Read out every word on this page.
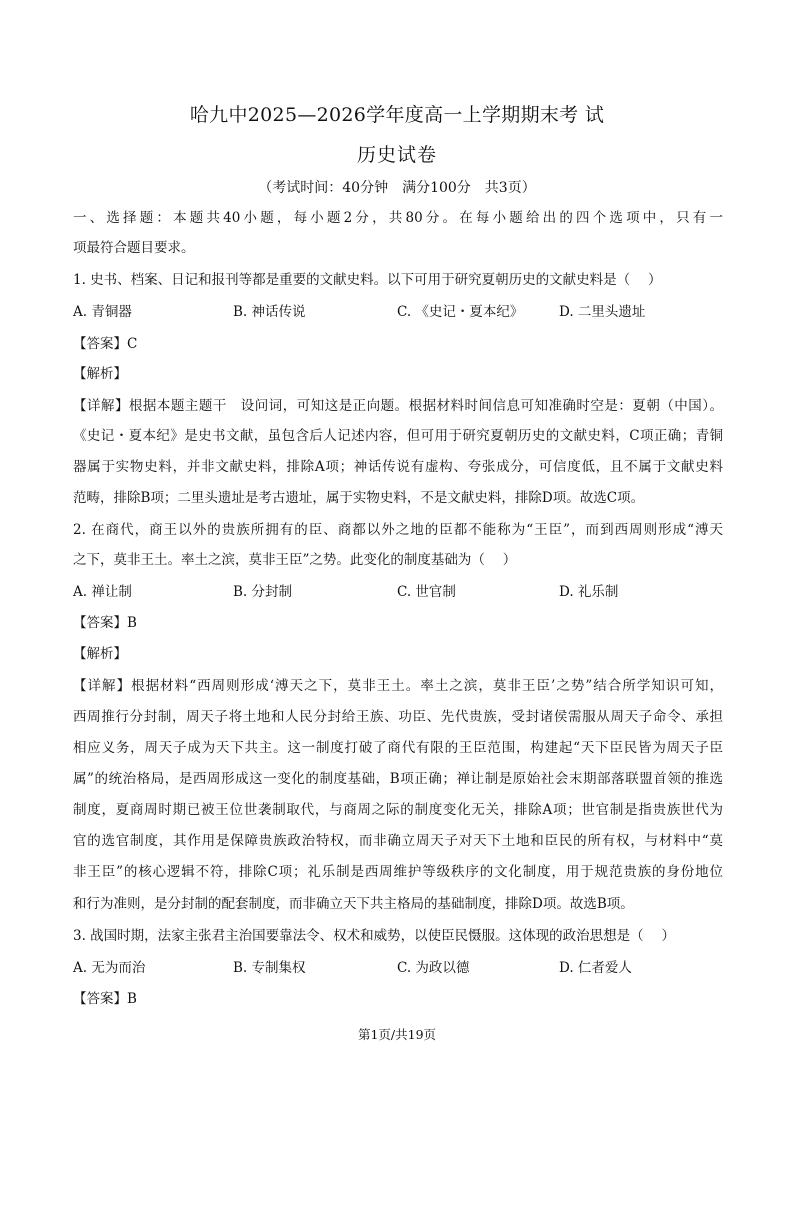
哈九中2025—2026学年度高一上学期期末考 试
历史试卷
（考试时间：40分钟　满分100分　共3页）
一、选择题：本题共40小题，每小题2分，共80分。在每小题给出的四个选项中，只有一
项最符合题目要求。
1. 史书、档案、日记和报刊等都是重要的文献史料。以下可用于研究夏朝历史的文献史料是（　 ）
A. 青铜器	B. 神话传说	C. 《史记・夏本纪》	D. 二里头遗址
【答案】C
【解析】
【详解】根据本题主题干　设问词，可知这是正向题。根据材料时间信息可知准确时空是：夏朝（中国）。
《史记・夏本纪》是史书文献，虽包含后人记述内容，但可用于研究夏朝历史的文献史料，C项正确；青铜
器属于实物史料，并非文献史料，排除A项；神话传说有虚构、夸张成分，可信度低，且不属于文献史料
范畴，排除B项；二里头遗址是考古遗址，属于实物史料，不是文献史料，排除D项。故选C项。
2. 在商代，商王以外的贵族所拥有的臣、商都以外之地的臣都不能称为“王臣”，而到西周则形成“溥天
之下，莫非王土。率土之滨，莫非王臣”之势。此变化的制度基础为（　 ）
A. 禅让制	B. 分封制	C. 世官制	D. 礼乐制
【答案】B
【解析】
【详解】根据材料“西周则形成‘溥天之下，莫非王土。率土之滨，莫非王臣’之势”结合所学知识可知，
西周推行分封制，周天子将土地和人民分封给王族、功臣、先代贵族，受封诸侯需服从周天子命令、承担
相应义务，周天子成为天下共主。这一制度打破了商代有限的王臣范围，构建起“天下臣民皆为周天子臣
属”的统治格局，是西周形成这一变化的制度基础，B项正确；禅让制是原始社会末期部落联盟首领的推选
制度，夏商周时期已被王位世袭制取代，与商周之际的制度变化无关，排除A项；世官制是指贵族世代为
官的选官制度，其作用是保障贵族政治特权，而非确立周天子对天下土地和臣民的所有权，与材料中“莫
非王臣”的核心逻辑不符，排除C项；礼乐制是西周维护等级秩序的文化制度，用于规范贵族的身份地位
和行为准则，是分封制的配套制度，而非确立天下共主格局的基础制度，排除D项。故选B项。
3. 战国时期，法家主张君主治国要靠法令、权术和威势，以使臣民慑服。这体现的政治思想是（　 ）
A. 无为而治	B. 专制集权	C. 为政以德	D. 仁者爱人
【答案】B
第1页/共19页
